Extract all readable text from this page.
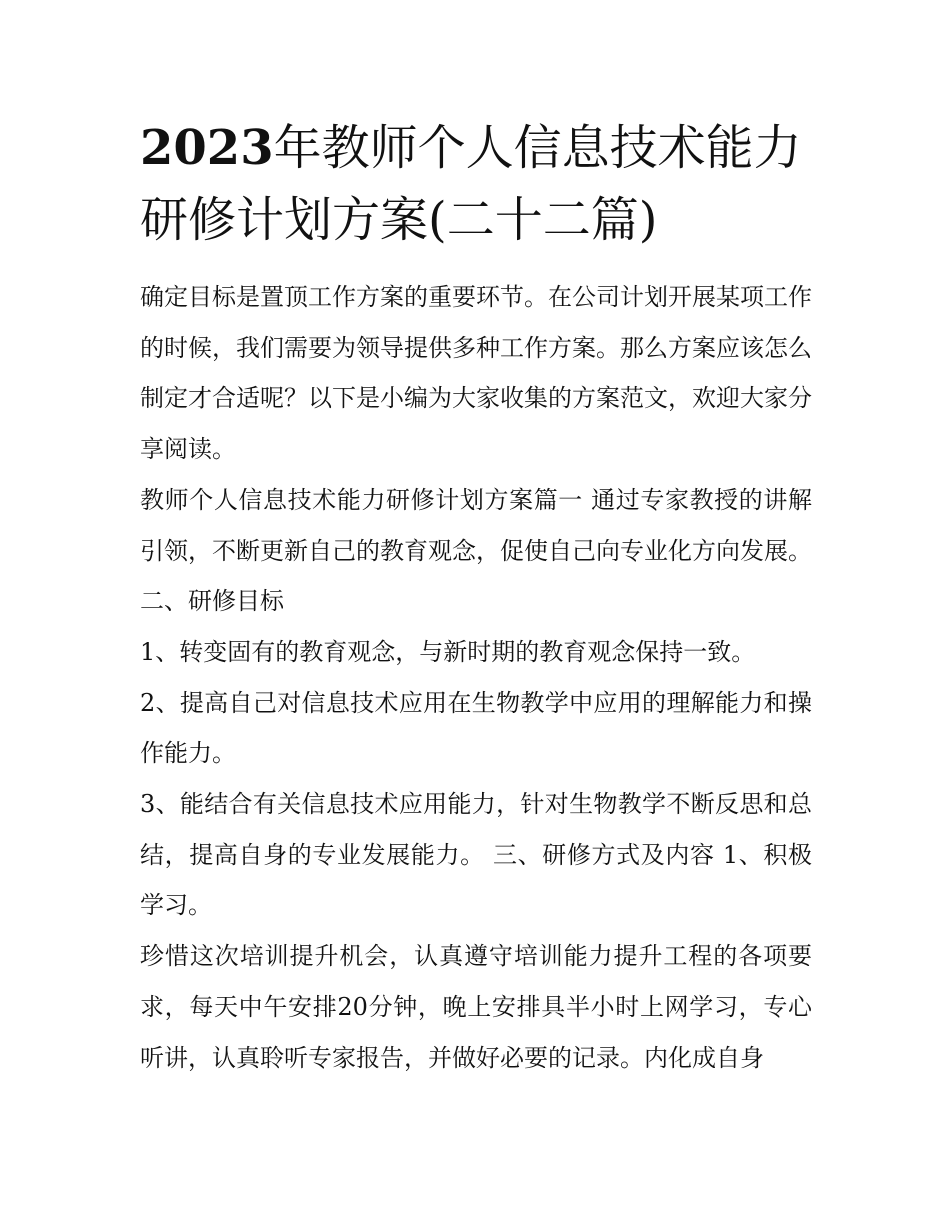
2023年教师个人信息技术能力研修计划方案(二十二篇)

确定目标是置顶工作方案的重要环节。在公司计划开展某项工作的时候，我们需要为领导提供多种工作方案。那么方案应该怎么制定才合适呢？以下是小编为大家收集的方案范文，欢迎大家分享阅读。

教师个人信息技术能力研修计划方案篇一 通过专家教授的讲解引领，不断更新自己的教育观念，促使自己向专业化方向发展。 二、研修目标

1、转变固有的教育观念，与新时期的教育观念保持一致。

2、提高自己对信息技术应用在生物教学中应用的理解能力和操作能力。

3、能结合有关信息技术应用能力，针对生物教学不断反思和总结，提高自身的专业发展能力。 三、研修方式及内容 1、积极学习。

珍惜这次培训提升机会，认真遵守培训能力提升工程的各项要求，每天中午安排20分钟，晚上安排具半小时上网学习，专心听讲，认真聆听专家报告，并做好必要的记录。内化成自身
